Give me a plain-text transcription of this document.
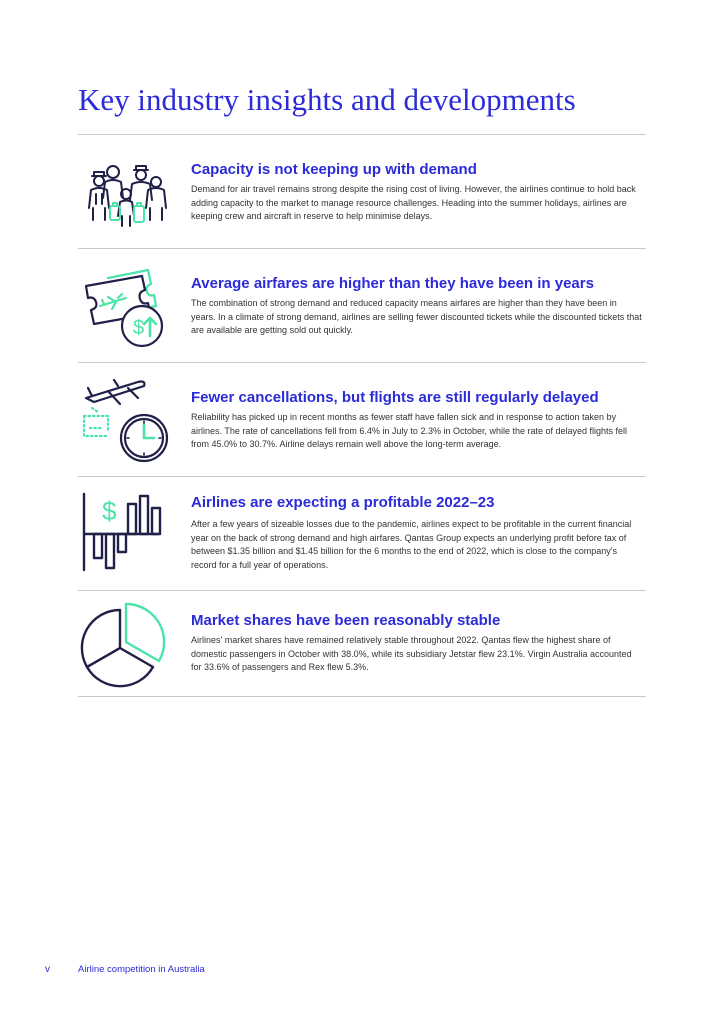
Key industry insights and developments
Capacity is not keeping up with demand

Demand for air travel remains strong despite the rising cost of living. However, the airlines continue to hold back adding capacity to the market to manage resource challenges. Heading into the summer holidays, airlines are keeping crew and aircraft in reserve to help minimise delays.

$
Average airfares are higher than they have been in years

The combination of strong demand and reduced capacity means airfares are higher than they have been in years. In a climate of strong demand, airlines are selling fewer discounted tickets while the discounted tickets that are available are getting sold out quickly.

Fewer cancellations, but flights are still regularly delayed

Reliability has picked up in recent months as fewer staff have fallen sick and in response to action taken by airlines. The rate of cancellations fell from 6.4% in July to 2.3% in October, while the rate of delayed flights fell from 45.0% to 30.7%. Airline delays remain well above the long-term average.

$	Airlines are expecting a profitable 2022–23

After a few years of sizeable losses due to the pandemic, airlines expect to be profitable in the current financial year on the back of strong demand and high airfares. Qantas Group expects an underlying profit before tax of between $1.35 billion and $1.45 billion for the 6 months to the end of 2022, which is close to the company's record for a full year of operations.

Market shares have been reasonably stable

Airlines' market shares have remained relatively stable throughout 2022. Qantas flew the highest share of domestic passengers in October with 38.0%, while its subsidiary Jetstar flew 23.1%. Virgin Australia accounted for 33.6% of passengers and Rex flew 5.3%.

v	Airline competition in Australia
